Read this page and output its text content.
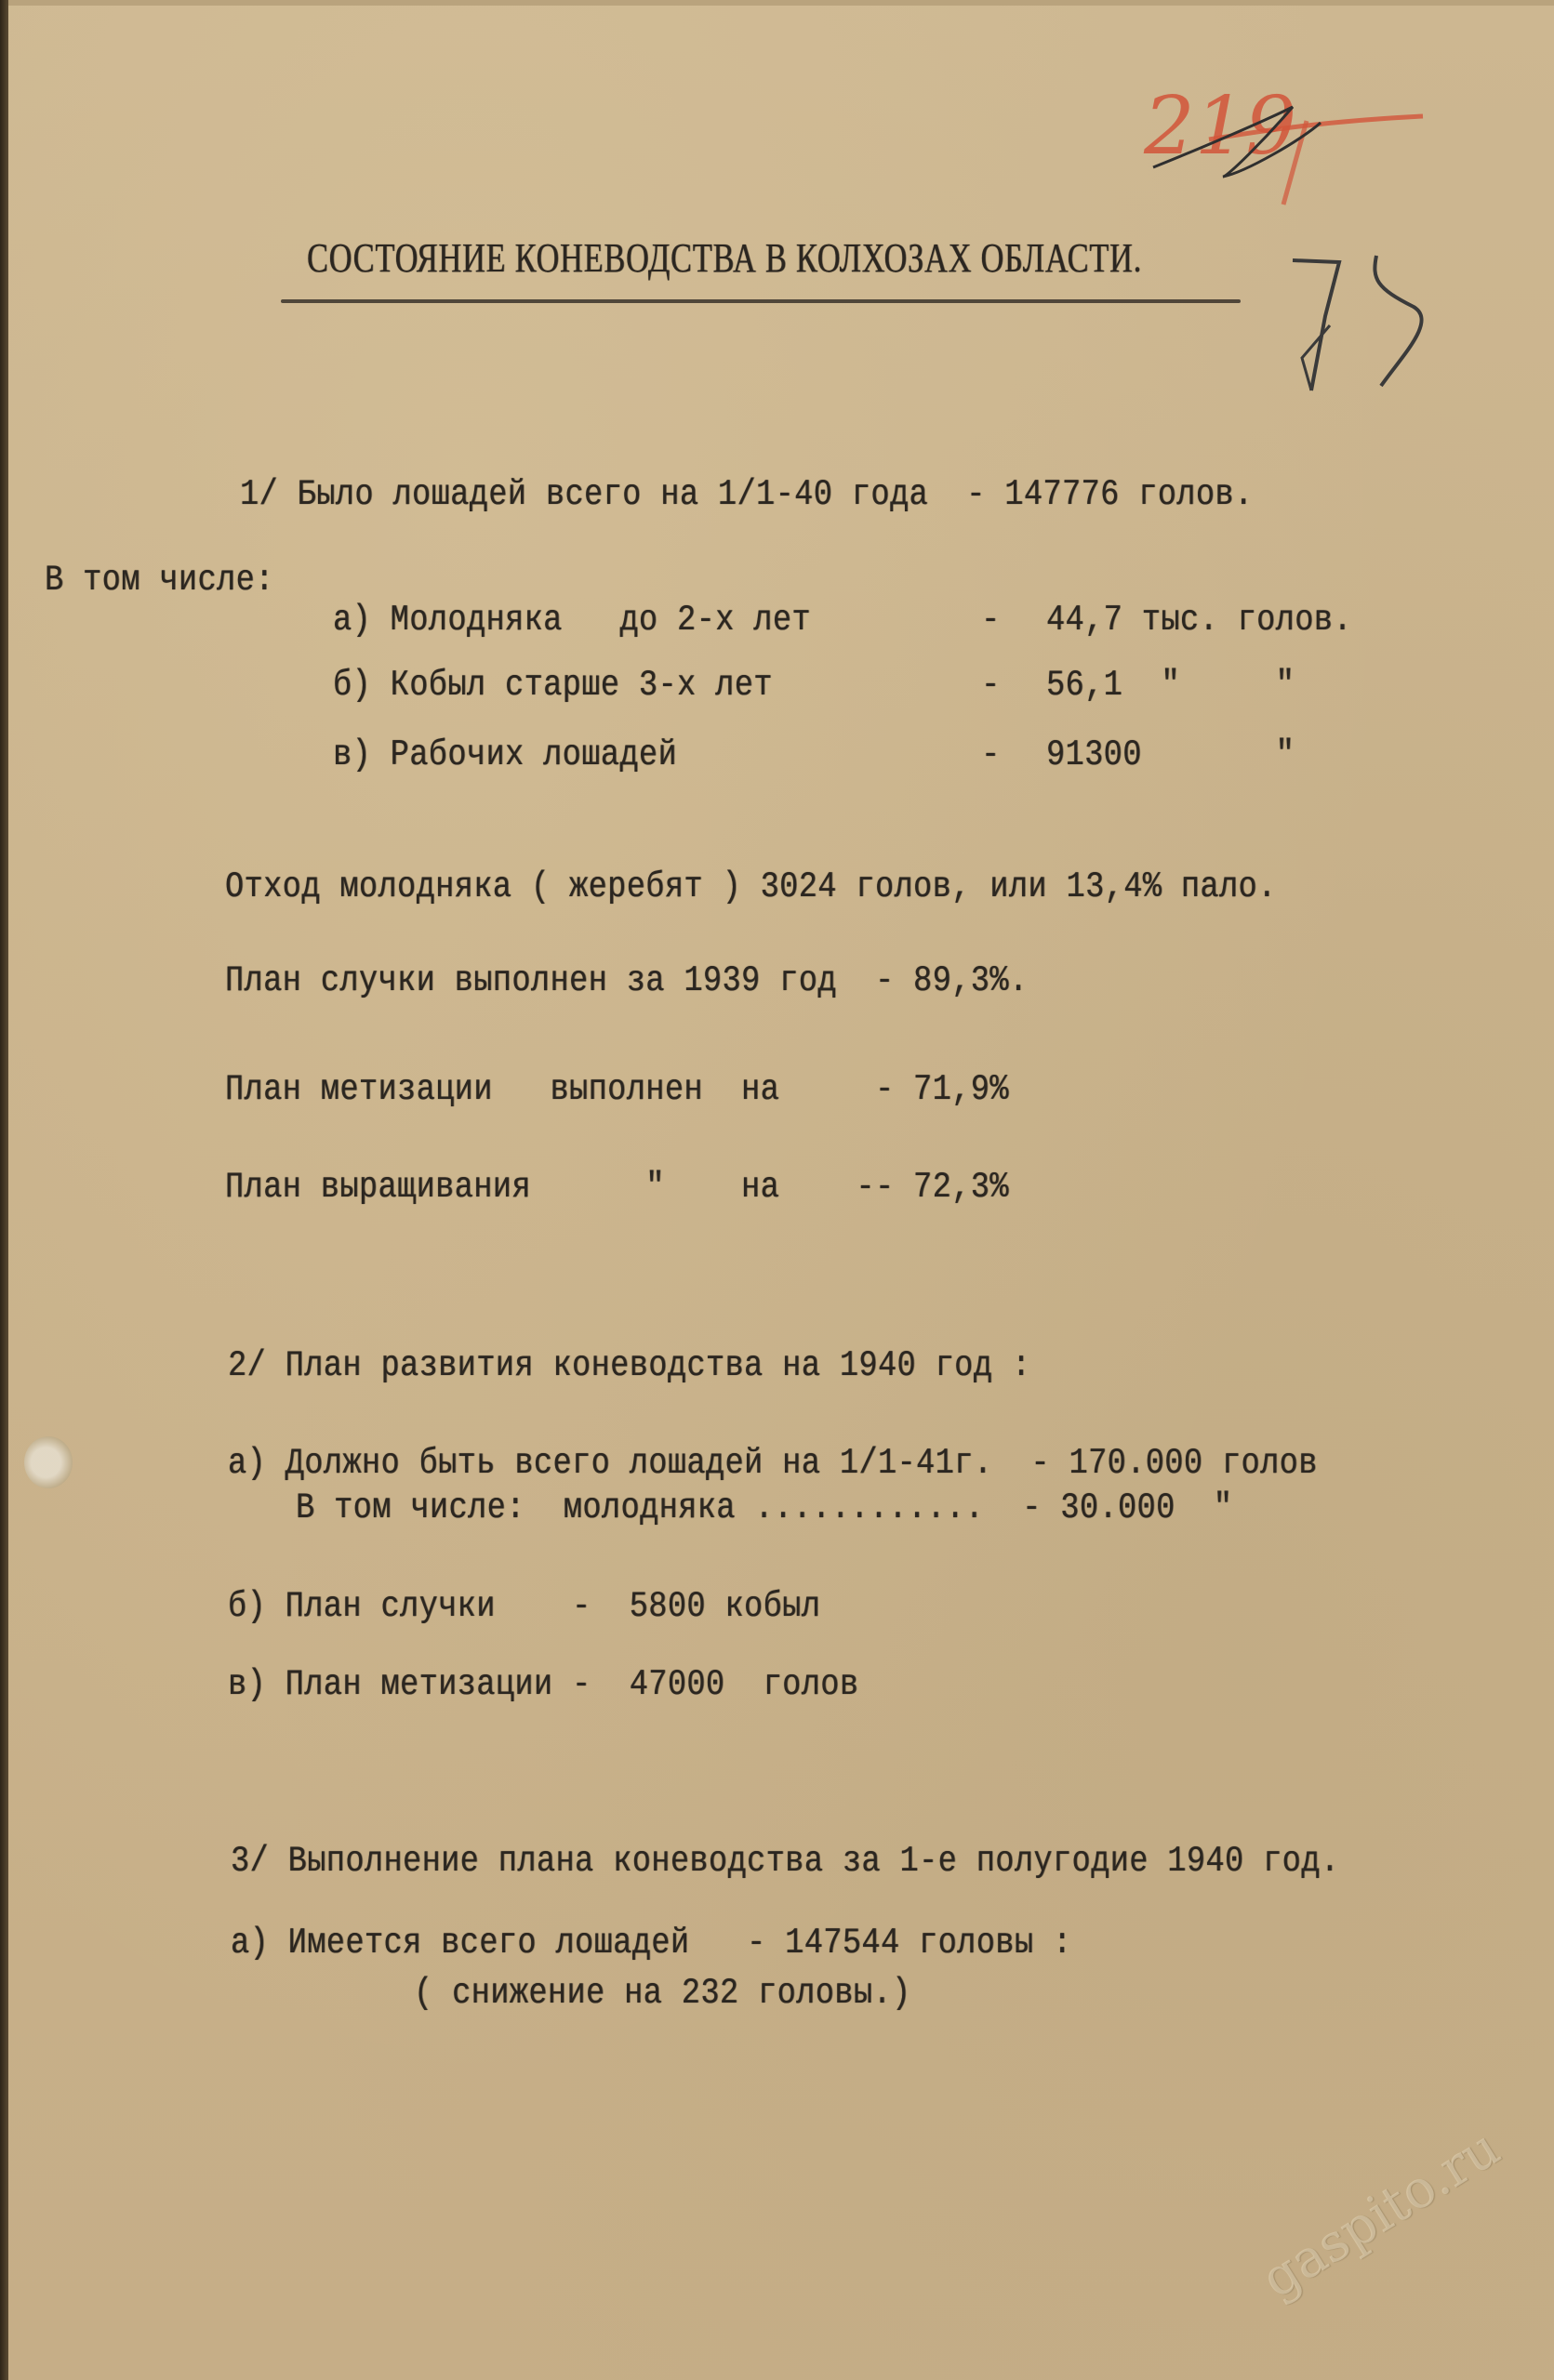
219
73
СОСТОЯНИЕ КОНЕВОДСТВА В КОЛХОЗАХ ОБЛАСТИ.
1/ Было лошадей всего на 1/1-40 года  - 147776 голов.
В том числе:
а) Молодняка   до 2-х лет	- 44,7 тыс. голов.
б) Кобыл старше 3-х лет	- 56,1  "     "
в) Рабочих лошадей	- 91300       "
Отход молодняка ( жеребят ) 3024 голов, или 13,4% пало.
План случки выполнен за 1939 год  - 89,3%.
План метизации   выполнен  на     - 71,9%
План выращивания      "    на    -- 72,3%
2/ План развития коневодства на 1940 год :
а) Должно быть всего лошадей на 1/1-41г.  - 170.000 голов
В том числе:  молодняка ............  - 30.000  "
б) План случки    -  5800 кобыл
в) План метизации -  47000  голов
3/ Выполнение плана коневодства за 1-е полугодие 1940 год.
а) Имеется всего лошадей   - 147544 головы :
( снижение на 232 головы.)
gaspito.ru
